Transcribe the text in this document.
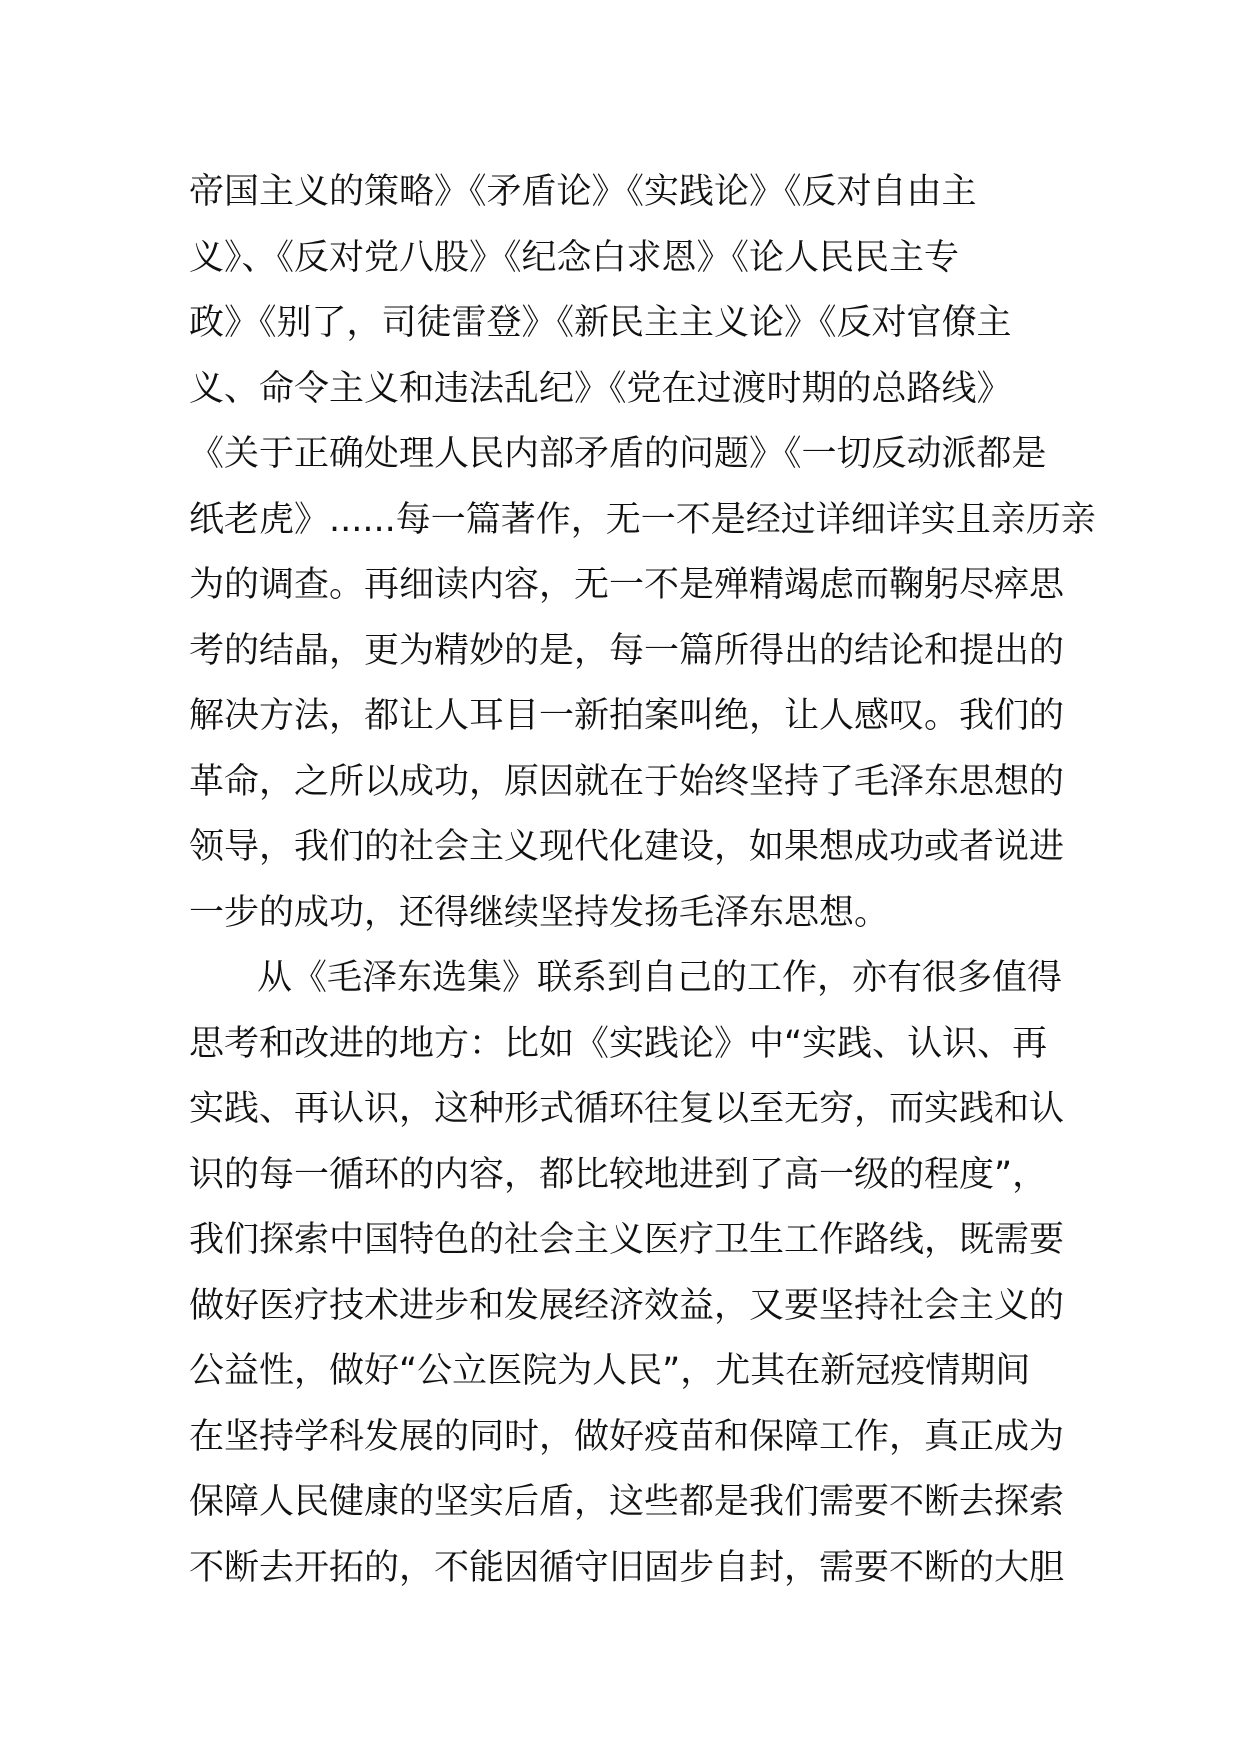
帝国主义的策略》《矛盾论》《实践论》《反对自由主
义》、《反对党八股》《纪念白求恩》《论人民民主专
政》《别了，司徒雷登》《新民主主义论》《反对官僚主
义、命令主义和违法乱纪》《党在过渡时期的总路线》
《关于正确处理人民内部矛盾的问题》《一切反动派都是
纸老虎》......每一篇著作，无一不是经过详细详实且亲历亲
为的调查。再细读内容，无一不是殚精竭虑而鞠躬尽瘁思
考的结晶，更为精妙的是，每一篇所得出的结论和提出的
解决方法，都让人耳目一新拍案叫绝，让人感叹。我们的
革命，之所以成功，原因就在于始终坚持了毛泽东思想的
领导，我们的社会主义现代化建设，如果想成功或者说进
一步的成功，还得继续坚持发扬毛泽东思想。
从《毛泽东选集》联系到自己的工作，亦有很多值得
思考和改进的地方：比如《实践论》中“实践、认识、再
实践、再认识，这种形式循环往复以至无穷，而实践和认
识的每一循环的内容，都比较地进到了高一级的程度”，
我们探索中国特色的社会主义医疗卫生工作路线，既需要
做好医疗技术进步和发展经济效益，又要坚持社会主义的
公益性，做好“公立医院为人民”，尤其在新冠疫情期间
在坚持学科发展的同时，做好疫苗和保障工作，真正成为
保障人民健康的坚实后盾，这些都是我们需要不断去探索
不断去开拓的，不能因循守旧固步自封，需要不断的大胆
